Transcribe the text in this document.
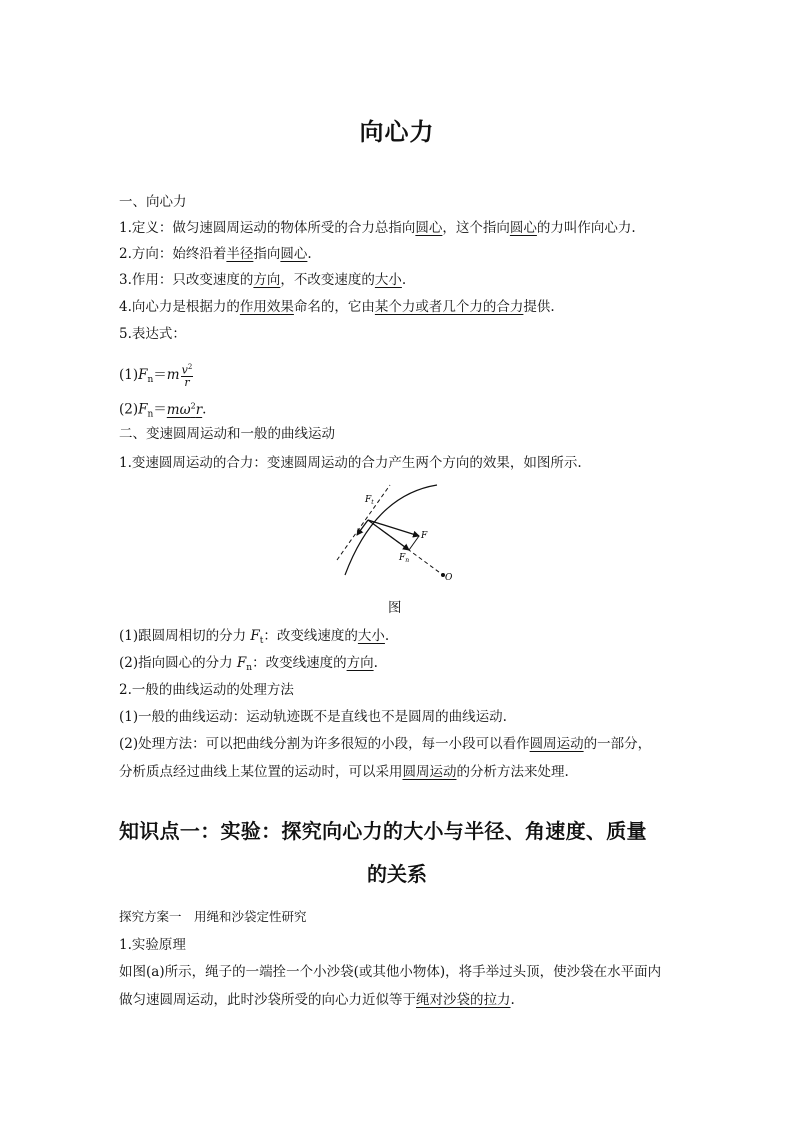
向心力
一、向心力
1.定义：做匀速圆周运动的物体所受的合力总指向圆心，这个指向圆心的力叫作向心力.
2.方向：始终沿着半径指向圆心.
3.作用：只改变速度的方向，不改变速度的大小.
4.向心力是根据力的作用效果命名的，它由某个力或者几个力的合力提供.
5.表达式：
$(1)F_n=m \frac{v^2}{r}$
$(2)F_n=m\omega^2r$.
二、变速圆周运动和一般的曲线运动
1.变速圆周运动的合力：变速圆周运动的合力产生两个方向的效果，如图所示.
$F_t$
F
$F_n$
O
图
(1)跟圆周相切的分力 $F_t$：改变线速度的大小.
(2)指向圆心的分力 $F_n$：改变线速度的方向.
2.一般的曲线运动的处理方法
(1)一般的曲线运动：运动轨迹既不是直线也不是圆周的曲线运动.
(2)处理方法：可以把曲线分割为许多很短的小段，每一小段可以看作圆周运动的一部分，
分析质点经过曲线上某位置的运动时，可以采用圆周运动的分析方法来处理.
知识点一：实验：探究向心力的大小与半径、角速度、质量
的关系
探究方案一　用绳和沙袋定性研究
1.实验原理
如图(a)所示，绳子的一端拴一个小沙袋(或其他小物体)，将手举过头顶，使沙袋在水平面内
做匀速圆周运动，此时沙袋所受的向心力近似等于绳对沙袋的拉力.
